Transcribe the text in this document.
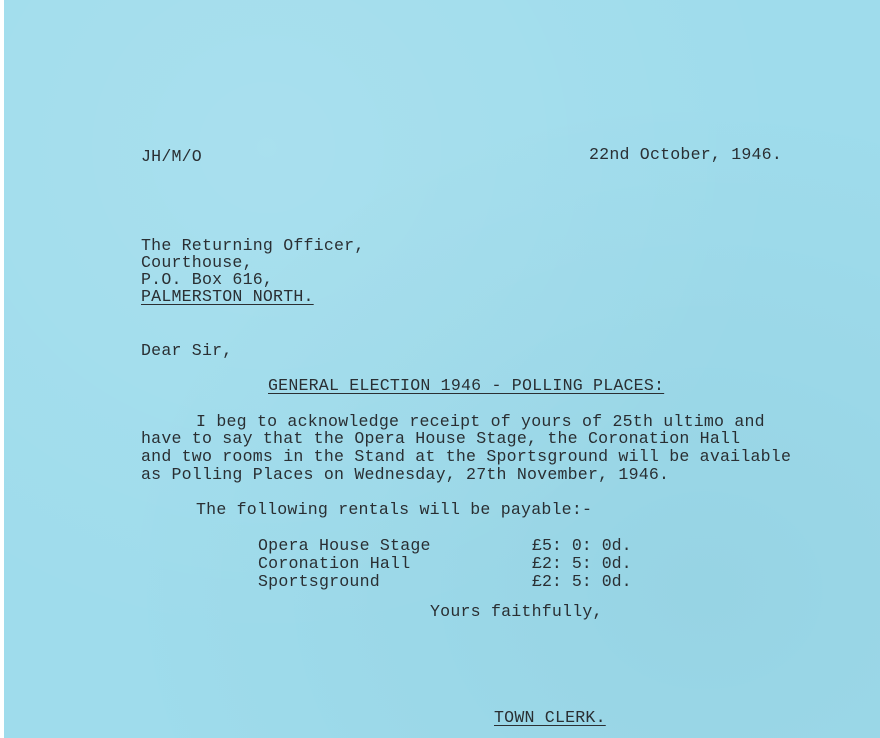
JH/M/O	22nd October, 1946.
The Returning Officer,
Courthouse,
P.O. Box 616,
PALMERSTON NORTH.
Dear Sir,
GENERAL ELECTION 1946 - POLLING PLACES:
I beg to acknowledge receipt of yours of 25th ultimo and
have to say that the Opera House Stage, the Coronation Hall
and two rooms in the Stand at the Sportsground will be available
as Polling Places on Wednesday, 27th November, 1946.
The following rentals will be payable:-
Opera House Stage	£5: 0: 0d.
Coronation Hall	£2: 5: 0d.
Sportsground	£2: 5: 0d.
Yours faithfully,
TOWN CLERK.
